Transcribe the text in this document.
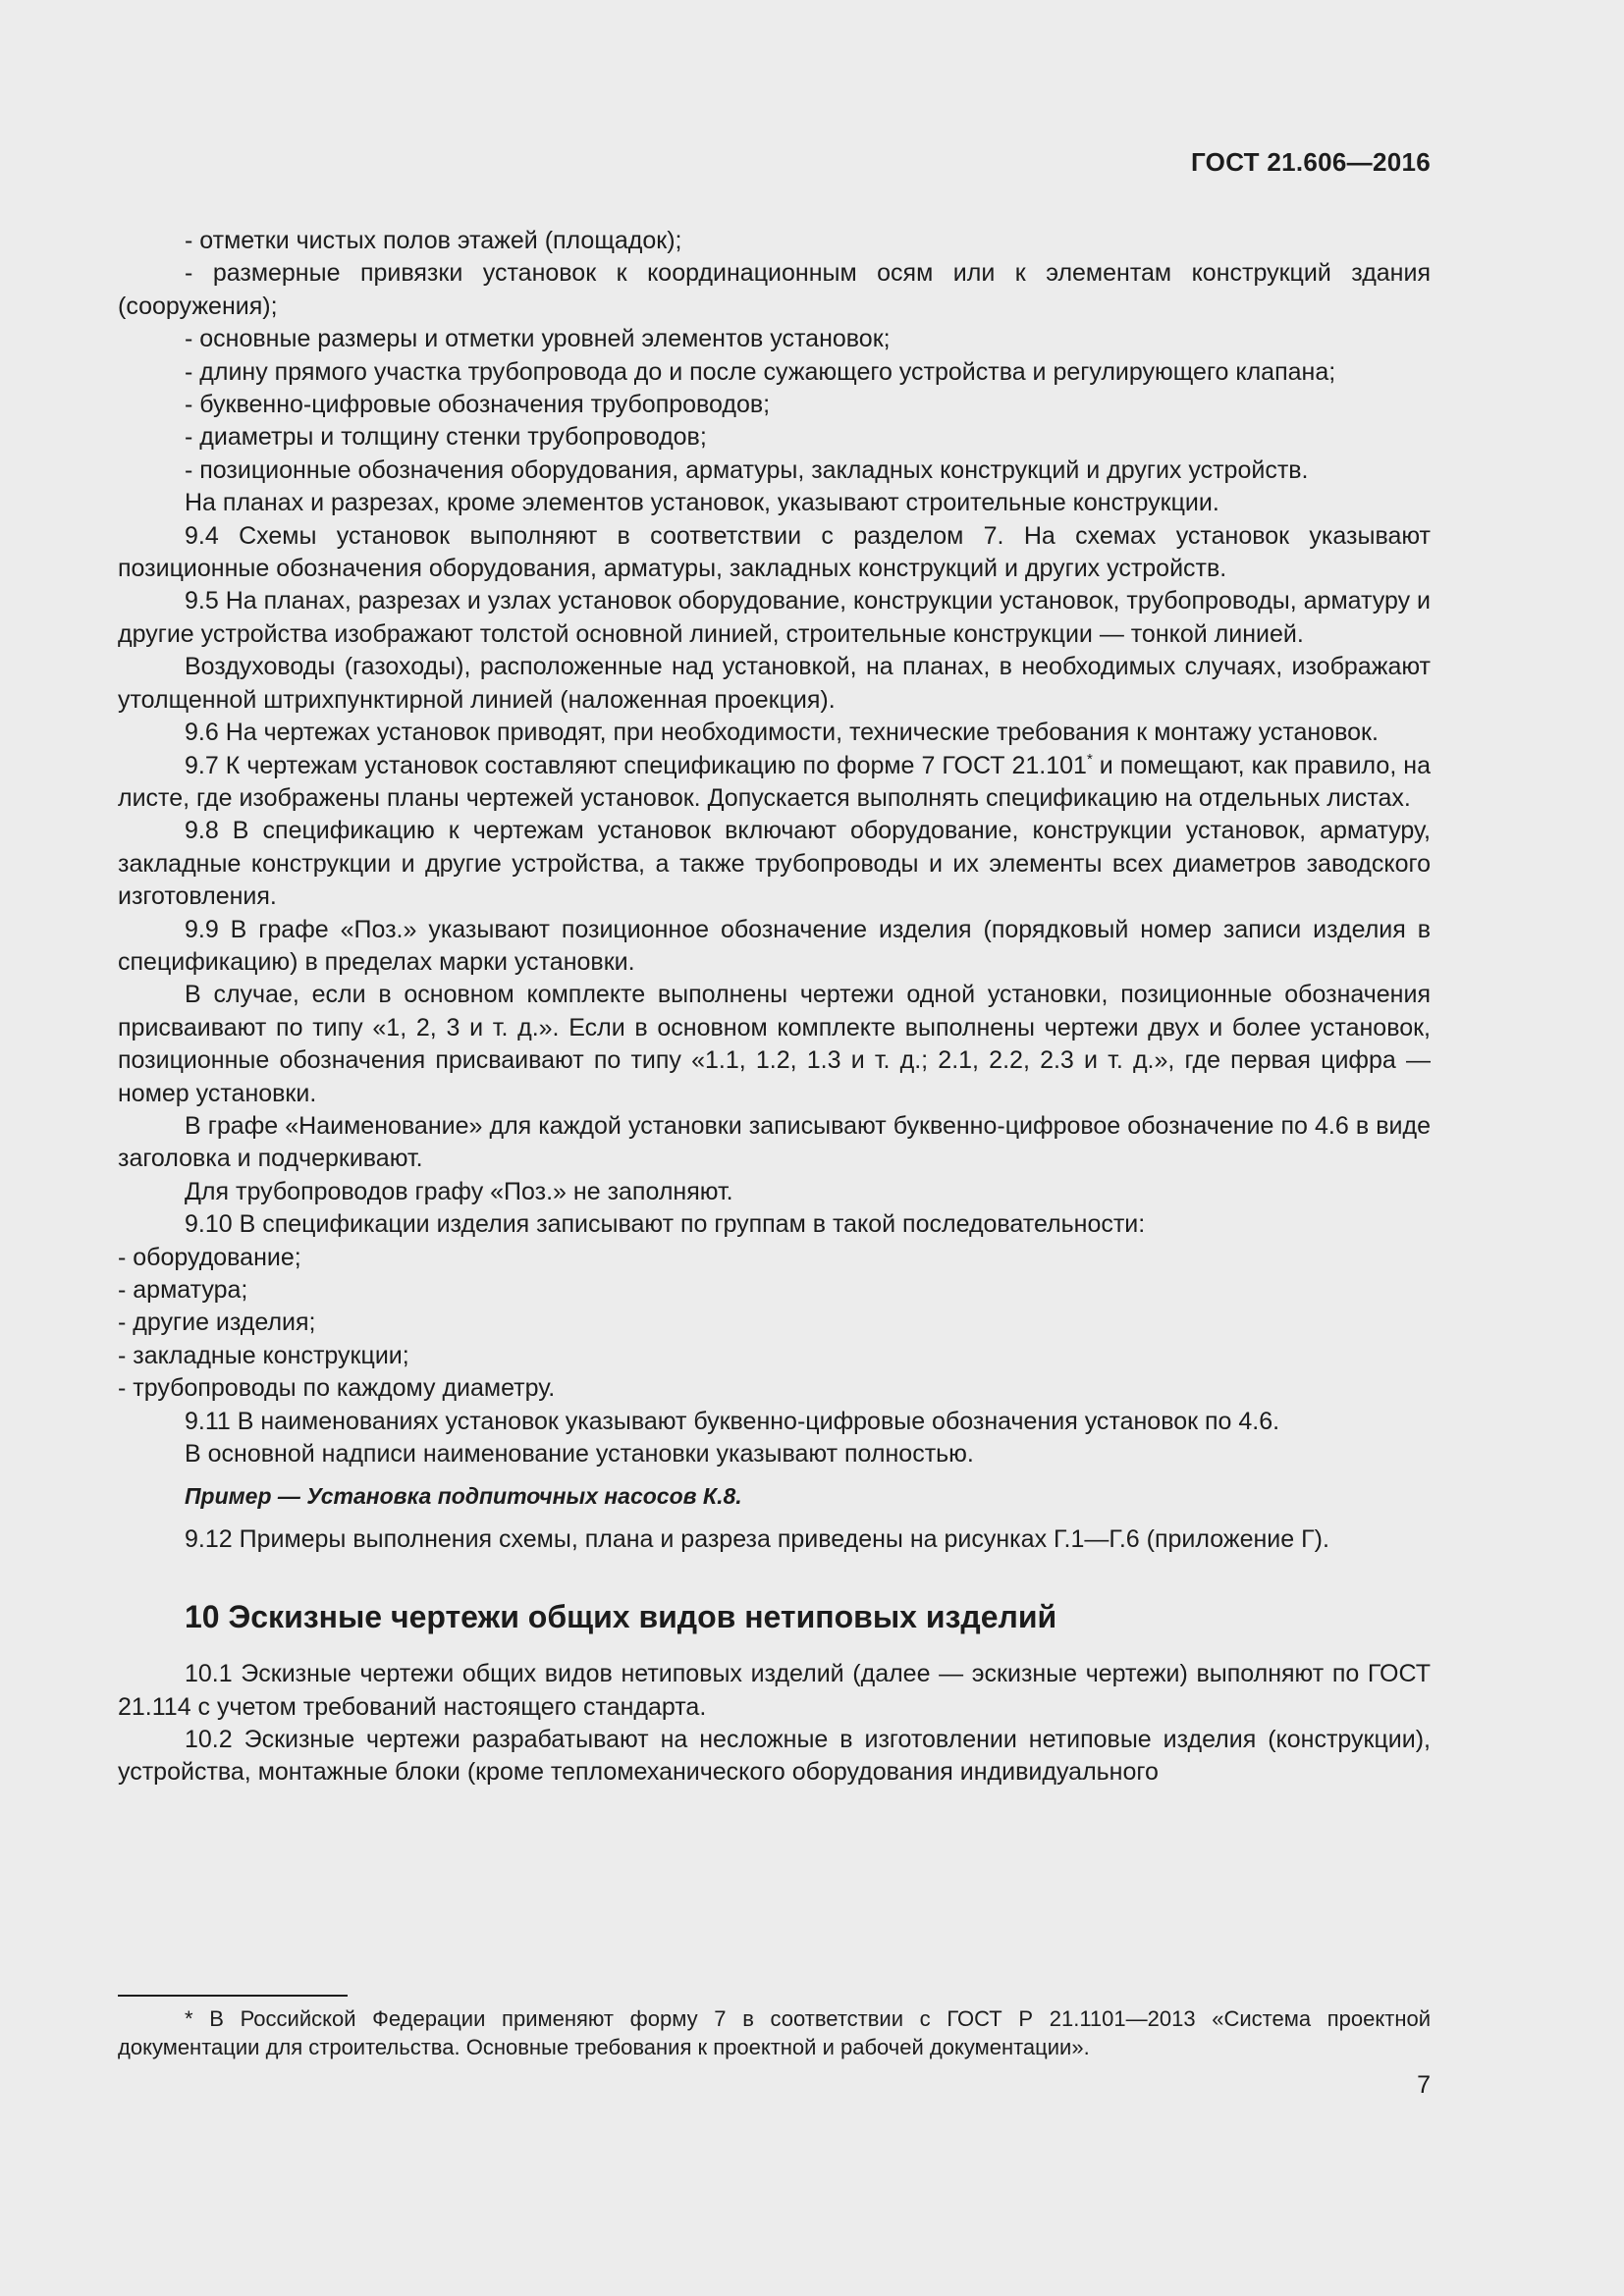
ГОСТ 21.606—2016

- отметки чистых полов этажей (площадок);

- размерные привязки установок к координационным осям или к элементам конструкций здания (сооружения);

- основные размеры и отметки уровней элементов установок;

- длину прямого участка трубопровода до и после сужающего устройства и регулирующего клапана;

- буквенно-цифровые обозначения трубопроводов;

- диаметры и толщину стенки трубопроводов;

- позиционные обозначения оборудования, арматуры, закладных конструкций и других устройств.

На планах и разрезах, кроме элементов установок, указывают строительные конструкции.

9.4 Схемы установок выполняют в соответствии с разделом 7. На схемах установок указывают позиционные обозначения оборудования, арматуры, закладных конструкций и других устройств.

9.5 На планах, разрезах и узлах установок оборудование, конструкции установок, трубопроводы, арматуру и другие устройства изображают толстой основной линией, строительные конструкции — тонкой линией.

Воздуховоды (газоходы), расположенные над установкой, на планах, в необходимых случаях, изображают утолщенной штрихпунктирной линией (наложенная проекция).

9.6 На чертежах установок приводят, при необходимости, технические требования к монтажу установок.

9.7 К чертежам установок составляют спецификацию по форме 7 ГОСТ 21.101* и помещают, как правило, на листе, где изображены планы чертежей установок. Допускается выполнять спецификацию на отдельных листах.

9.8 В спецификацию к чертежам установок включают оборудование, конструкции установок, арматуру, закладные конструкции и другие устройства, а также трубопроводы и их элементы всех диаметров заводского изготовления.

9.9 В графе «Поз.» указывают позиционное обозначение изделия (порядковый номер записи изделия в спецификацию) в пределах марки установки.

В случае, если в основном комплекте выполнены чертежи одной установки, позиционные обозначения присваивают по типу «1, 2, 3 и т. д.». Если в основном комплекте выполнены чертежи двух и более установок, позиционные обозначения присваивают по типу «1.1, 1.2, 1.3 и т. д.; 2.1, 2.2, 2.3 и т. д.», где первая цифра — номер установки.

В графе «Наименование» для каждой установки записывают буквенно-цифровое обозначение по 4.6 в виде заголовка и подчеркивают.

Для трубопроводов графу «Поз.» не заполняют.

9.10 В спецификации изделия записывают по группам в такой последовательности:

- оборудование;

- арматура;

- другие изделия;

- закладные конструкции;

- трубопроводы по каждому диаметру.

9.11 В наименованиях установок указывают буквенно-цифровые обозначения установок по 4.6.

В основной надписи наименование установки указывают полностью.

Пример — Установка подпиточных насосов К.8.

9.12 Примеры выполнения схемы, плана и разреза приведены на рисунках Г.1—Г.6 (приложение Г).

10 Эскизные чертежи общих видов нетиповых изделий

10.1 Эскизные чертежи общих видов нетиповых изделий (далее — эскизные чертежи) выполняют по ГОСТ 21.114 с учетом требований настоящего стандарта.

10.2 Эскизные чертежи разрабатывают на несложные в изготовлении нетиповые изделия (конструкции), устройства, монтажные блоки (кроме тепломеханического оборудования индивидуального

* В Российской Федерации применяют форму 7 в соответствии с ГОСТ Р 21.1101—2013 «Система проектной документации для строительства. Основные требования к проектной и рабочей документации».

7
